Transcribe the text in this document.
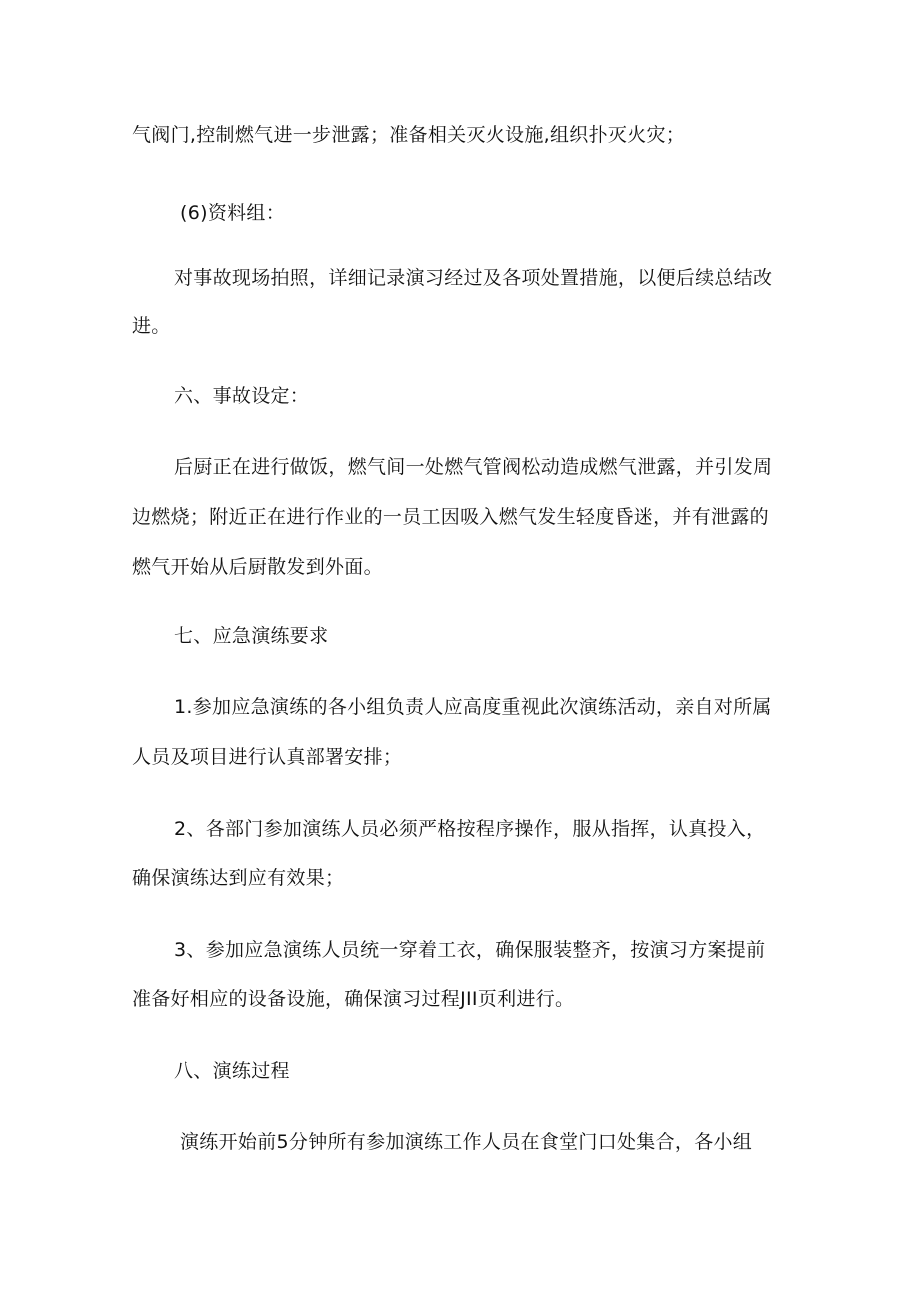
气阀门,控制燃气进一步泄露；准备相关灭火设施,组织扑灭火灾；
(6)资料组：
对事故现场拍照，详细记录演习经过及各项处置措施，以便后续总结改
进。
六、事故设定：
后厨正在进行做饭，燃气间一处燃气管阀松动造成燃气泄露，并引发周
边燃烧；附近正在进行作业的一员工因吸入燃气发生轻度昏迷，并有泄露的
燃气开始从后厨散发到外面。
七、应急演练要求
1.参加应急演练的各小组负责人应高度重视此次演练活动，亲自对所属
人员及项目进行认真部署安排；
2、各部门参加演练人员必须严格按程序操作，服从指挥，认真投入，
确保演练达到应有效果；
3、参加应急演练人员统一穿着工衣，确保服装整齐，按演习方案提前
准备好相应的设备设施，确保演习过程JII页利进行。
八、演练过程
演练开始前5分钟所有参加演练工作人员在食堂门口处集合，各小组
